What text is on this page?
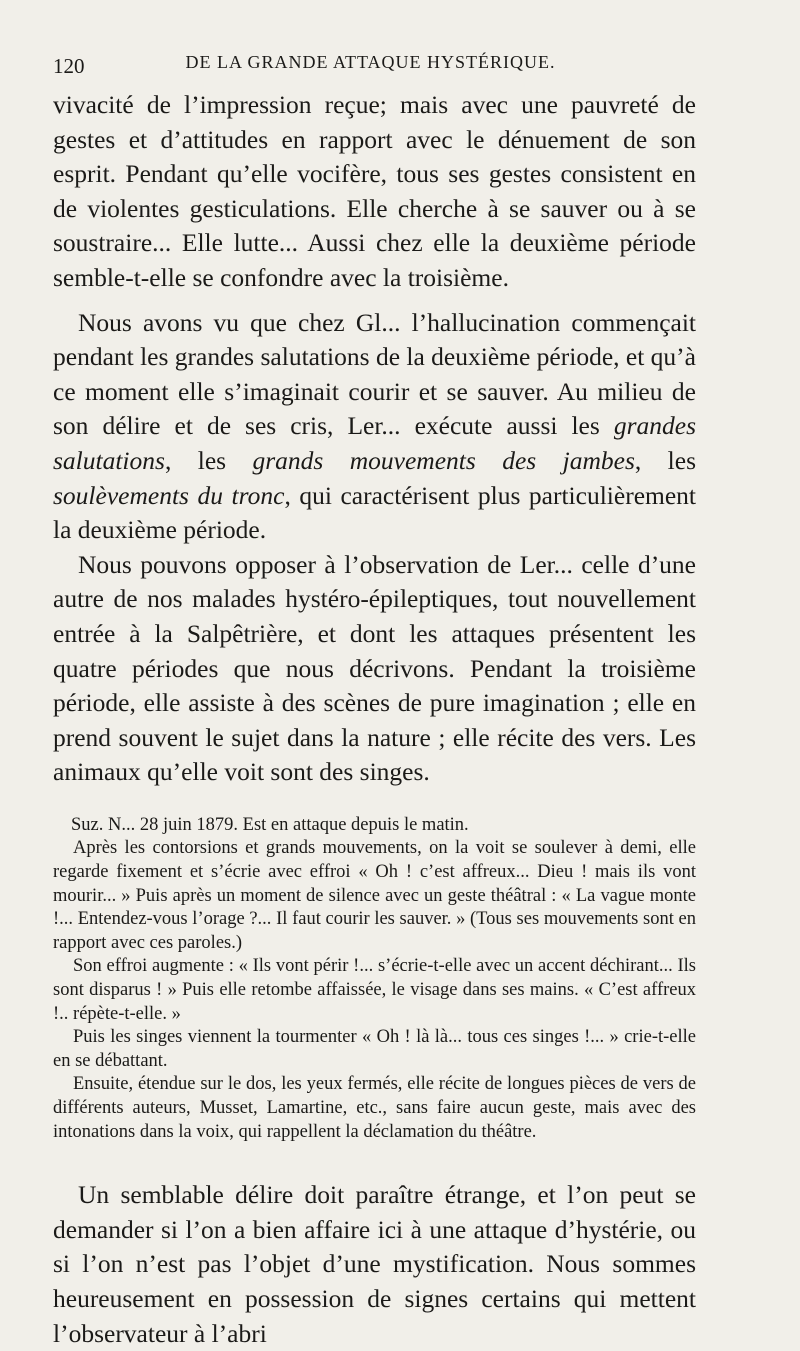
120	DE LA GRANDE ATTAQUE HYSTÉRIQUE.

vivacité de l’impression reçue; mais avec une pauvreté de gestes et d’attitudes en rapport avec le dénuement de son esprit. Pendant qu’elle vocifère, tous ses gestes consistent en de violentes gesticulations. Elle cherche à se sauver ou à se soustraire... Elle lutte... Aussi chez elle la deuxième période semble-t-elle se confondre avec la troisième.

Nous avons vu que chez Gl... l’hallucination commençait pendant les grandes salutations de la deuxième période, et qu’à ce moment elle s’imaginait courir et se sauver. Au milieu de son délire et de ses cris, Ler... exécute aussi les grandes salutations, les grands mouvements des jambes, les soulèvements du tronc, qui caractérisent plus particulièrement la deuxième période.

Nous pouvons opposer à l’observation de Ler... celle d’une autre de nos malades hystéro-épileptiques, tout nouvellement entrée à la Salpêtrière, et dont les attaques présentent les quatre périodes que nous décrivons. Pendant la troisième période, elle assiste à des scènes de pure imagination ; elle en prend souvent le sujet dans la nature ; elle récite des vers. Les animaux qu’elle voit sont des singes.

Suz. N... 28 juin 1879. Est en attaque depuis le matin.

Après les contorsions et grands mouvements, on la voit se soulever à demi, elle regarde fixement et s’écrie avec effroi « Oh ! c’est affreux... Dieu ! mais ils vont mourir... » Puis après un moment de silence avec un geste théâtral : « La vague monte !... Entendez-vous l’orage ?... Il faut courir les sauver. » (Tous ses mouvements sont en rapport avec ces paroles.)

Son effroi augmente : « Ils vont périr !... s’écrie-t-elle avec un accent déchirant... Ils sont disparus ! » Puis elle retombe affaissée, le visage dans ses mains. « C’est affreux !.. répète-t-elle. »

Puis les singes viennent la tourmenter « Oh ! là là... tous ces singes !... » crie-t-elle en se débattant.

Ensuite, étendue sur le dos, les yeux fermés, elle récite de longues pièces de vers de différents auteurs, Musset, Lamartine, etc., sans faire aucun geste, mais avec des intonations dans la voix, qui rappellent la déclamation du théâtre.

Un semblable délire doit paraître étrange, et l’on peut se demander si l’on a bien affaire ici à une attaque d’hystérie, ou si l’on n’est pas l’objet d’une mystification. Nous sommes heureusement en possession de signes certains qui mettent l’observateur à l’abri
